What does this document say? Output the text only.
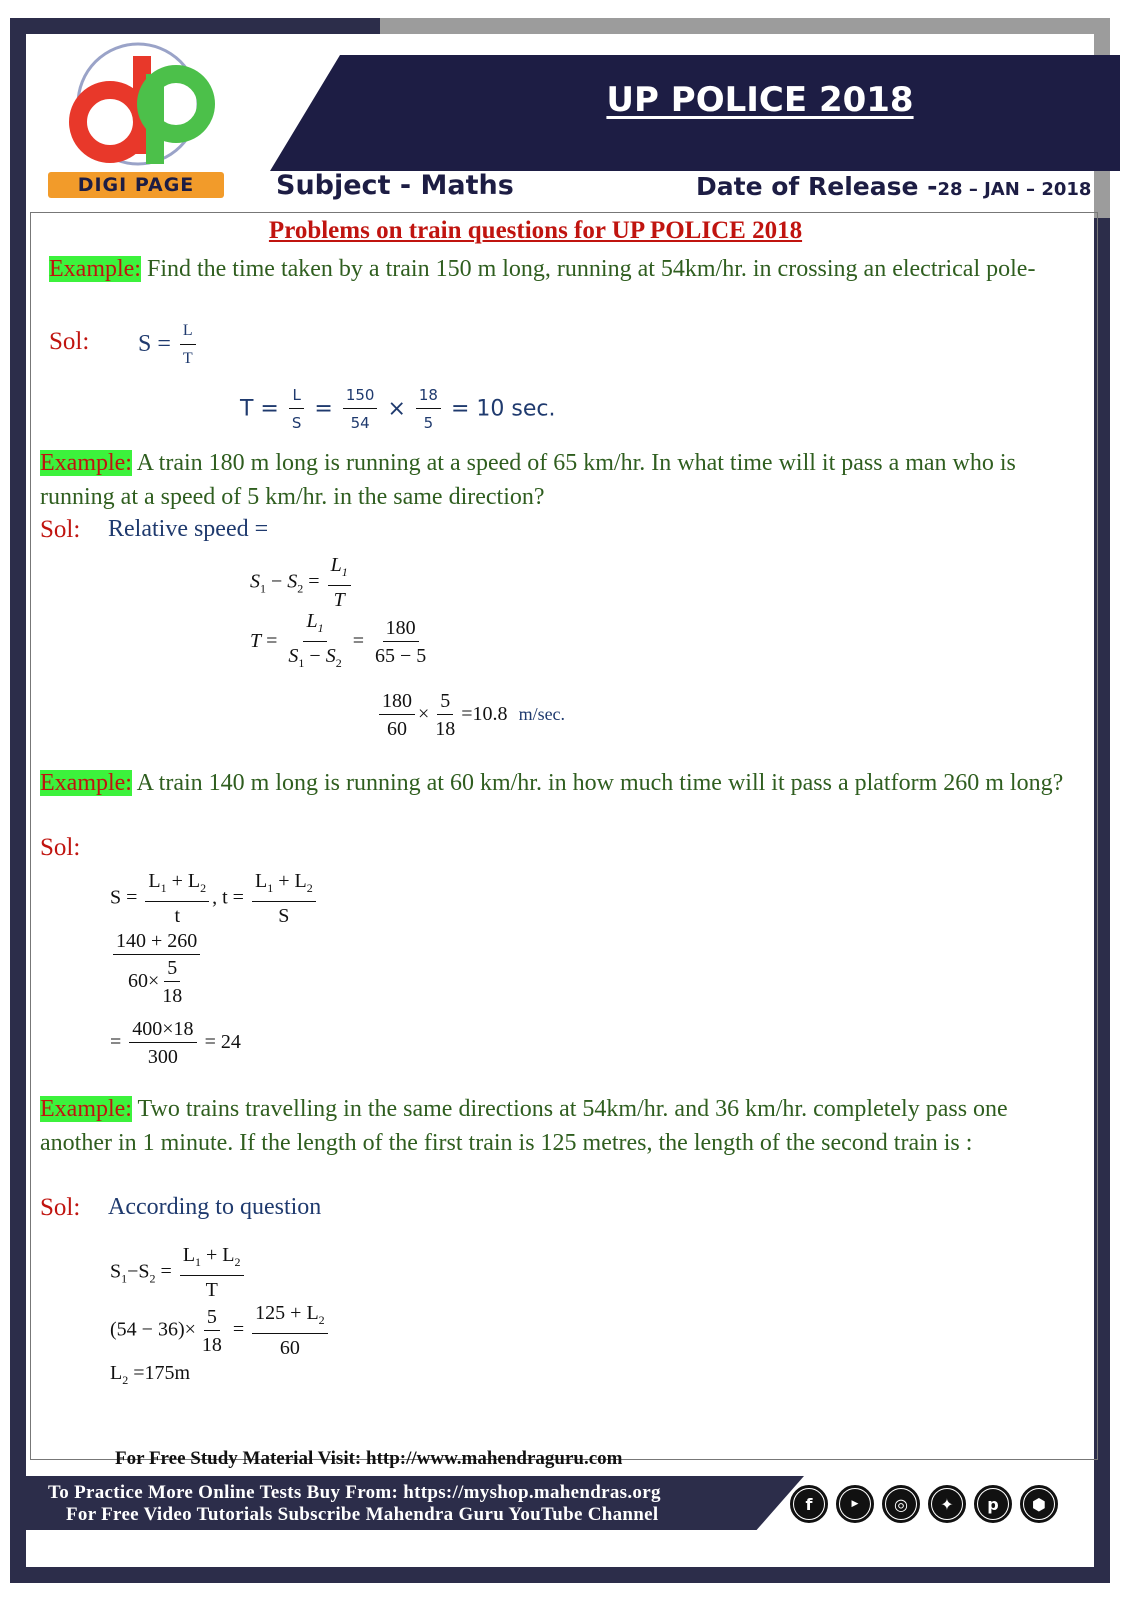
UP POLICE 2018
DIGI PAGE	Subject - Maths	Date of Release -28 – JAN – 2018
Problems on train questions for UP POLICE 2018
Example: Find the time taken by a train 150 m long, running at 54km/hr. in crossing an electrical pole-
Sol: $S = \frac{L}{T}$
$T = \frac{L}{S} = \frac{150}{54} \times \frac{18}{5} = 10$ sec.
Example: A train 180 m long is running at a speed of 65 km/hr. In what time will it pass a man who is running at a speed of 5 km/hr. in the same direction?
Sol: Relative speed =
$S_1 - S_2 = \frac{L_1}{T}$
$T = \frac{L_1}{S_1 - S_2} = \frac{180}{65 - 5}$
$\frac{180}{60} \times \frac{5}{18} =10.8$ m/sec.
Example: A train 140 m long is running at 60 km/hr. in how much time will it pass a platform 260 m long?
Sol:
$S = \frac{L_1 + L_2}{t}$ , $t = \frac{L_1 + L_2}{S}$
$\frac{140 + 260}{60\times \frac{5}{18}}$
= $\frac{400\times 18}{300} = 24$
Example: Two trains travelling in the same directions at 54km/hr. and 36 km/hr. completely pass one another in 1 minute. If the length of the first train is 125 metres, the length of the second train is :
Sol: According to question
$S_1-S_2 = \frac{L_1 + L_2}{T}$
$(54 - 36)\times \frac{5}{18} = \frac{125 + L_2}{60}$
$L_2 =175m$
For Free Study Material Visit: http://www.mahendraguru.com
To Practice More Online Tests Buy From: https://myshop.mahendras.org
For Free Video Tutorials Subscribe Mahendra Guru YouTube Channel	f	▶	◎	✦	p	⬢
